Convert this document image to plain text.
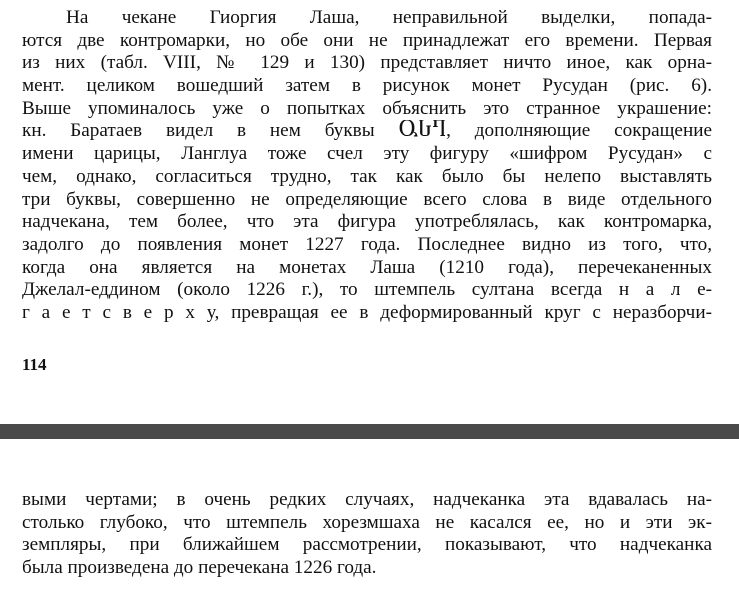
На чекане Гиоргия Лаша, неправильной выделки, попада-
ются две контромарки, но обе они не принадлежат его времени. Первая
из них (табл. VIII, № 129 и 130) представляет ничто иное, как орна-
мент. целиком вошедший затем в рисунок монет Русудан (рис. 6).
Выше упоминалось уже о попытках объяснить это странное украшение:
кн. Баратаев видел в нем буквы ႳႱႤ, дополняющие сокращение
имени царицы, Ланглуа тоже счел эту фигуру «шифром Русудан» с
чем, однако, согласиться трудно, так как было бы нелепо выставлять
три буквы, совершенно не определяющие всего слова в виде отдельного
надчекана, тем более, что эта фигура употреблялась, как контромарка,
задолго до появления монет 1227 года. Последнее видно из того, что,
когда она является на монетах Лаша (1210 года), перечеканенных
Джелал-еддином (около 1226 г.), то штемпель султана всегда н а л е-
г а е т с в е р х у, превращая ее в деформированный круг с неразборчи-
114
выми чертами; в очень редких случаях, надчеканка эта вдавалась на-
столько глубоко, что штемпель хорезмшаха не касался ее, но и эти эк-
земпляры, при ближайшем рассмотрении, показывают, что надчеканка
была произведена до перечекана 1226 года.
